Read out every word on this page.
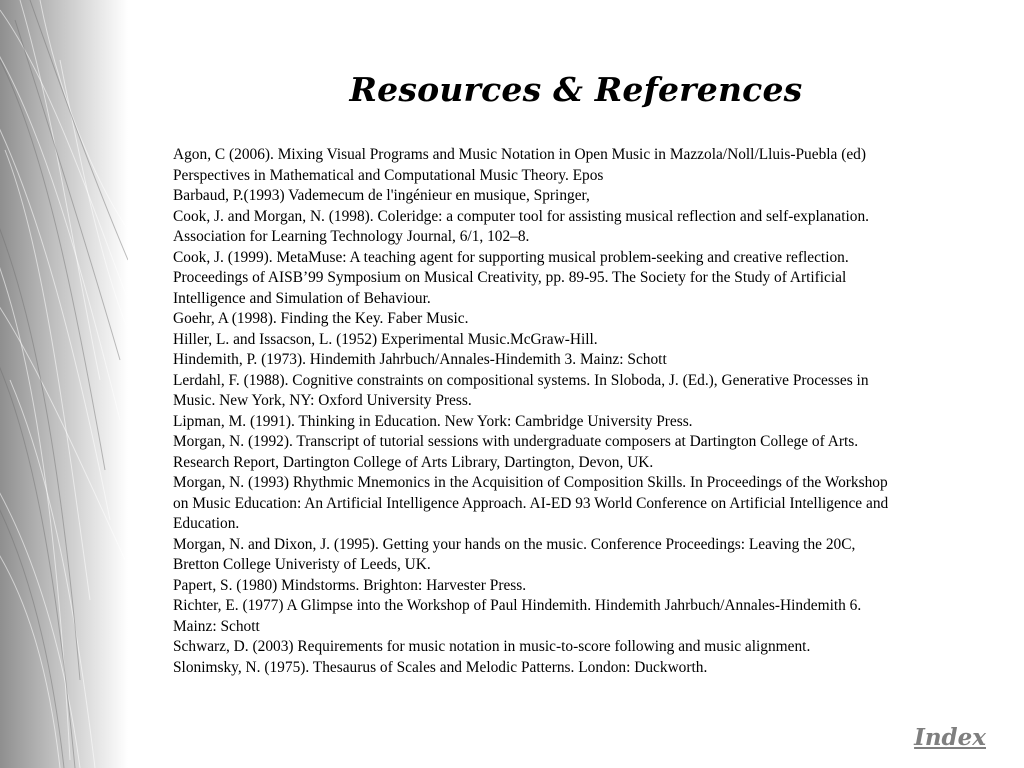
Resources & References
Agon, C (2006). Mixing Visual Programs and Music Notation in Open Music in Mazzola/Noll/Lluis-Puebla (ed)
Perspectives in Mathematical and Computational Music Theory. Epos
Barbaud, P.(1993) Vademecum de l'ingénieur en musique, Springer,
Cook, J. and Morgan, N. (1998). Coleridge: a computer tool for assisting musical reflection and self-explanation.
Association for Learning Technology Journal, 6/1, 102–8.
Cook, J. (1999). MetaMuse: A teaching agent for supporting musical problem-seeking and creative reflection.
Proceedings of AISB’99 Symposium on Musical Creativity, pp. 89-95. The Society for the Study of Artificial
Intelligence and Simulation of Behaviour.
Goehr, A (1998). Finding the Key. Faber Music.
Hiller, L. and Issacson, L. (1952) Experimental Music.McGraw-Hill.
Hindemith, P. (1973). Hindemith Jahrbuch/Annales-Hindemith 3. Mainz: Schott
Lerdahl, F. (1988). Cognitive constraints on compositional systems. In Sloboda, J. (Ed.), Generative Processes in
Music. New York, NY: Oxford University Press.
Lipman, M. (1991). Thinking in Education. New York: Cambridge University Press.
Morgan, N. (1992). Transcript of tutorial sessions with undergraduate composers at Dartington College of Arts.
Research Report, Dartington College of Arts Library, Dartington, Devon, UK.
Morgan, N. (1993) Rhythmic Mnemonics in the Acquisition of Composition Skills. In Proceedings of the Workshop
on Music Education: An Artificial Intelligence Approach. AI-ED 93 World Conference on Artificial Intelligence and
Education.
Morgan, N. and Dixon, J. (1995). Getting your hands on the music. Conference Proceedings: Leaving the 20C,
Bretton College Univeristy of Leeds, UK.
Papert, S. (1980) Mindstorms. Brighton: Harvester Press.
Richter, E. (1977) A Glimpse into the Workshop of Paul Hindemith. Hindemith Jahrbuch/Annales-Hindemith 6.
Mainz: Schott
Schwarz, D. (2003) Requirements for music notation in music-to-score following and music alignment.
Slonimsky, N. (1975). Thesaurus of Scales and Melodic Patterns. London: Duckworth.
Index
